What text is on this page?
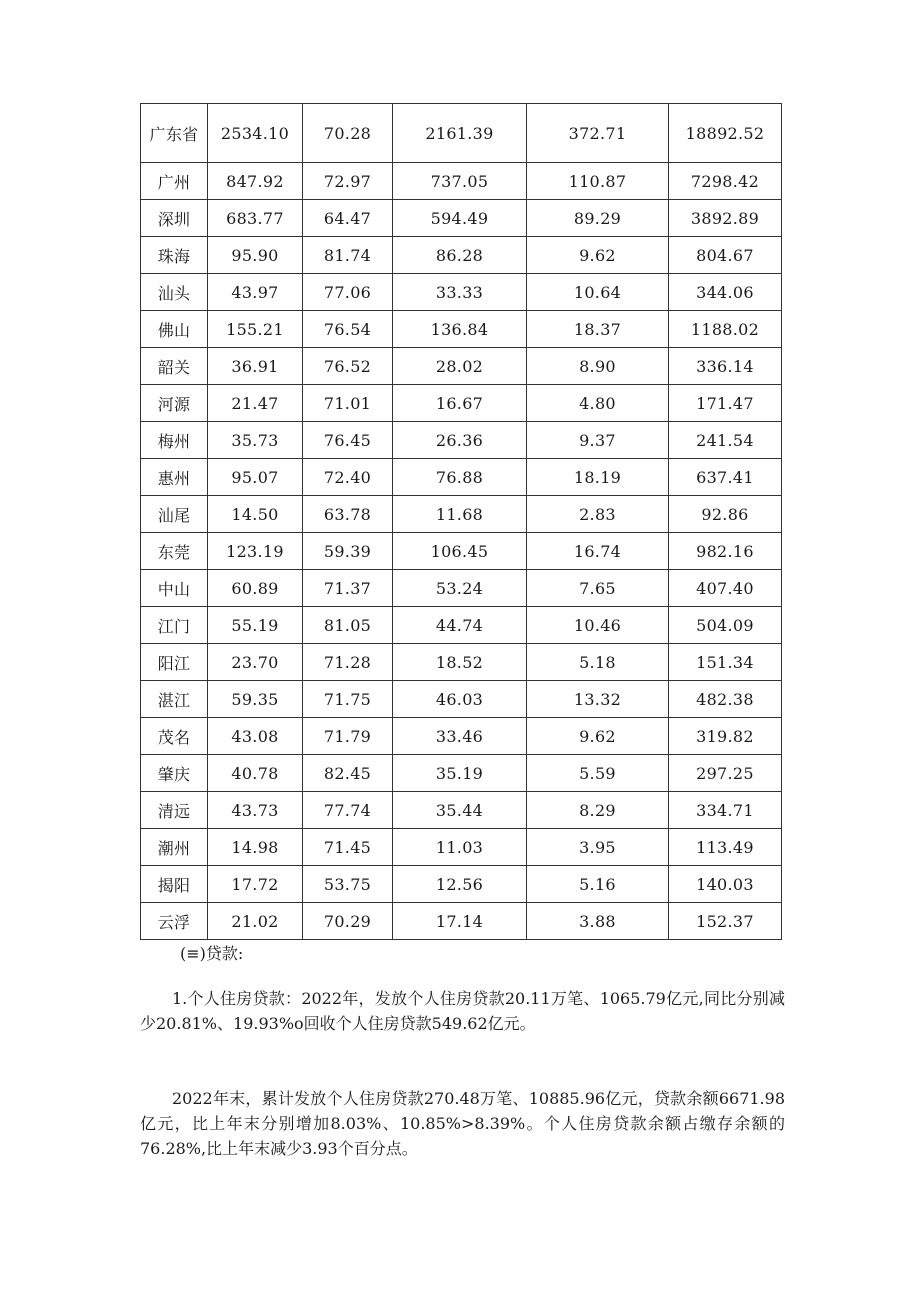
广东省	2534.10	70.28	2161.39	372.71	18892.52
广州	847.92	72.97	737.05	110.87	7298.42
深圳	683.77	64.47	594.49	89.29	3892.89
珠海	95.90	81.74	86.28	9.62	804.67
汕头	43.97	77.06	33.33	10.64	344.06
佛山	155.21	76.54	136.84	18.37	1188.02
韶关	36.91	76.52	28.02	8.90	336.14
河源	21.47	71.01	16.67	4.80	171.47
梅州	35.73	76.45	26.36	9.37	241.54
惠州	95.07	72.40	76.88	18.19	637.41
汕尾	14.50	63.78	11.68	2.83	92.86
东莞	123.19	59.39	106.45	16.74	982.16
中山	60.89	71.37	53.24	7.65	407.40
江门	55.19	81.05	44.74	10.46	504.09
阳江	23.70	71.28	18.52	5.18	151.34
湛江	59.35	71.75	46.03	13.32	482.38
茂名	43.08	71.79	33.46	9.62	319.82
肇庆	40.78	82.45	35.19	5.59	297.25
清远	43.73	77.74	35.44	8.29	334.71
潮州	14.98	71.45	11.03	3.95	113.49
揭阳	17.72	53.75	12.56	5.16	140.03
云浮	21.02	70.29	17.14	3.88	152.37
(≡)贷款:

1.个人住房贷款：2022年，发放个人住房贷款20.11万笔、1065.79亿元,同比分别减少20.81%、19.93%o回收个人住房贷款549.62亿元。

2022年末，累计发放个人住房贷款270.48万笔、10885.96亿元，贷款余额6671.98亿元，比上年末分别增加8.03%、10.85%>8.39%。个人住房贷款余额占缴存余额的76.28%,比上年末减少3.93个百分点。
